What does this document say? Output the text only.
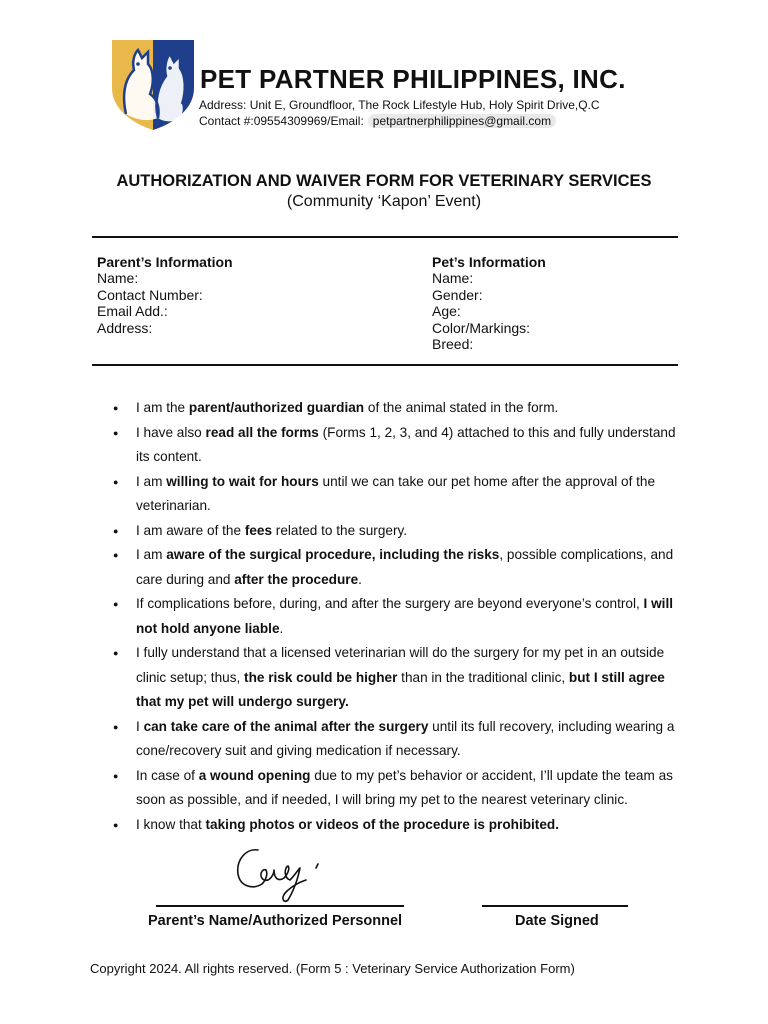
PET PARTNER PHILIPPINES, INC.
Address: Unit E, Groundfloor, The Rock Lifestyle Hub, Holy Spirit Drive,Q.C
Contact #:09554309969/Email: petpartnerphilippines@gmail.com
AUTHORIZATION AND WAIVER FORM FOR VETERINARY SERVICES
(Community ‘Kapon’ Event)
Parent’s Information
Name:
Contact Number:
Email Add.:
Address:
Pet’s Information
Name:
Gender:
Age:
Color/Markings:
Breed:
● I am the parent/authorized guardian of the animal stated in the form.
● I have also read all the forms (Forms 1, 2, 3, and 4) attached to this and fully understand its content.
● I am willing to wait for hours until we can take our pet home after the approval of the veterinarian.
● I am aware of the fees related to the surgery.
● I am aware of the surgical procedure, including the risks, possible complications, and care during and after the procedure.
● If complications before, during, and after the surgery are beyond everyone’s control, I will not hold anyone liable.
● I fully understand that a licensed veterinarian will do the surgery for my pet in an outside clinic setup; thus, the risk could be higher than in the traditional clinic, but I still agree that my pet will undergo surgery.
● I can take care of the animal after the surgery until its full recovery, including wearing a cone/recovery suit and giving medication if necessary.
● In case of a wound opening due to my pet’s behavior or accident, I’ll update the team as soon as possible, and if needed, I will bring my pet to the nearest veterinary clinic.
● I know that taking photos or videos of the procedure is prohibited.
Parent’s Name/Authorized Personnel	Date Signed
Copyright 2024. All rights reserved. (Form 5 : Veterinary Service Authorization Form)
